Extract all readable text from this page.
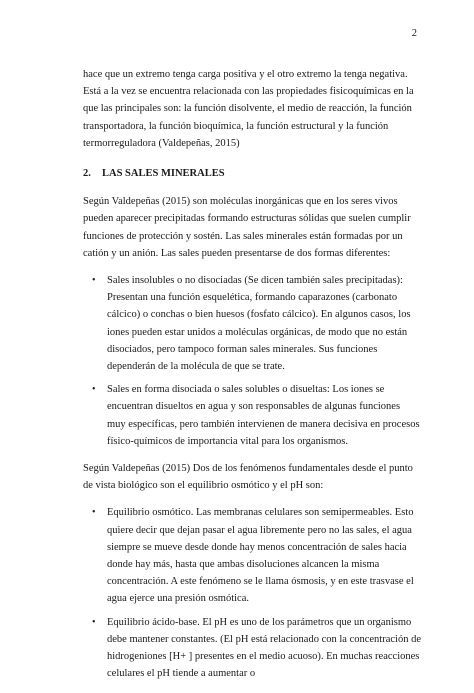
2

hace que un extremo tenga carga positiva y el otro extremo la tenga negativa. Está a la vez se encuentra relacionada con las propiedades fisicoquímicas en la que las principales son: la función disolvente, el medio de reacción, la función transportadora, la función bioquímica, la función estructural y la función termorreguladora (Valdepeñas, 2015)

2.	LAS SALES MINERALES

Según Valdepeñas (2015) son moléculas inorgánicas que en los seres vivos pueden aparecer precipitadas formando estructuras sólidas que suelen cumplir funciones de protección y sostén. Las sales minerales están formadas por un catión y un anión. Las sales pueden presentarse de dos formas diferentes:

• Sales insolubles o no disociadas (Se dicen también sales precipitadas): Presentan una función esquelética, formando caparazones (carbonato cálcico) o conchas o bien huesos (fosfato cálcico). En algunos casos, los iones pueden estar unidos a moléculas orgánicas, de modo que no están disociados, pero tampoco forman sales minerales. Sus funciones dependerán de la molécula de que se trate.
• Sales en forma disociada o sales solubles o disueltas: Los iones se encuentran disueltos en agua y son responsables de algunas funciones muy específicas, pero también intervienen de manera decisiva en procesos físico-químicos de importancia vital para los organismos.

Según Valdepeñas (2015) Dos de los fenómenos fundamentales desde el punto de vista biológico son el equilibrio osmótico y el pH son:

• Equilibrio osmótico. Las membranas celulares son semipermeables. Esto quiere decir que dejan pasar el agua libremente pero no las sales, el agua siempre se mueve desde donde hay menos concentración de sales hacia donde hay más, hasta que ambas disoluciones alcancen la misma concentración. A este fenómeno se le llama ósmosis, y en este trasvase el agua ejerce una presión osmótica.
• Equilibrio ácido-base. El pH es uno de los parámetros que un organismo debe mantener constantes. (El pH está relacionado con la concentración de hidrogeniones [H+ ] presentes en el medio acuoso). En muchas reacciones celulares el pH tiende a aumentar o
